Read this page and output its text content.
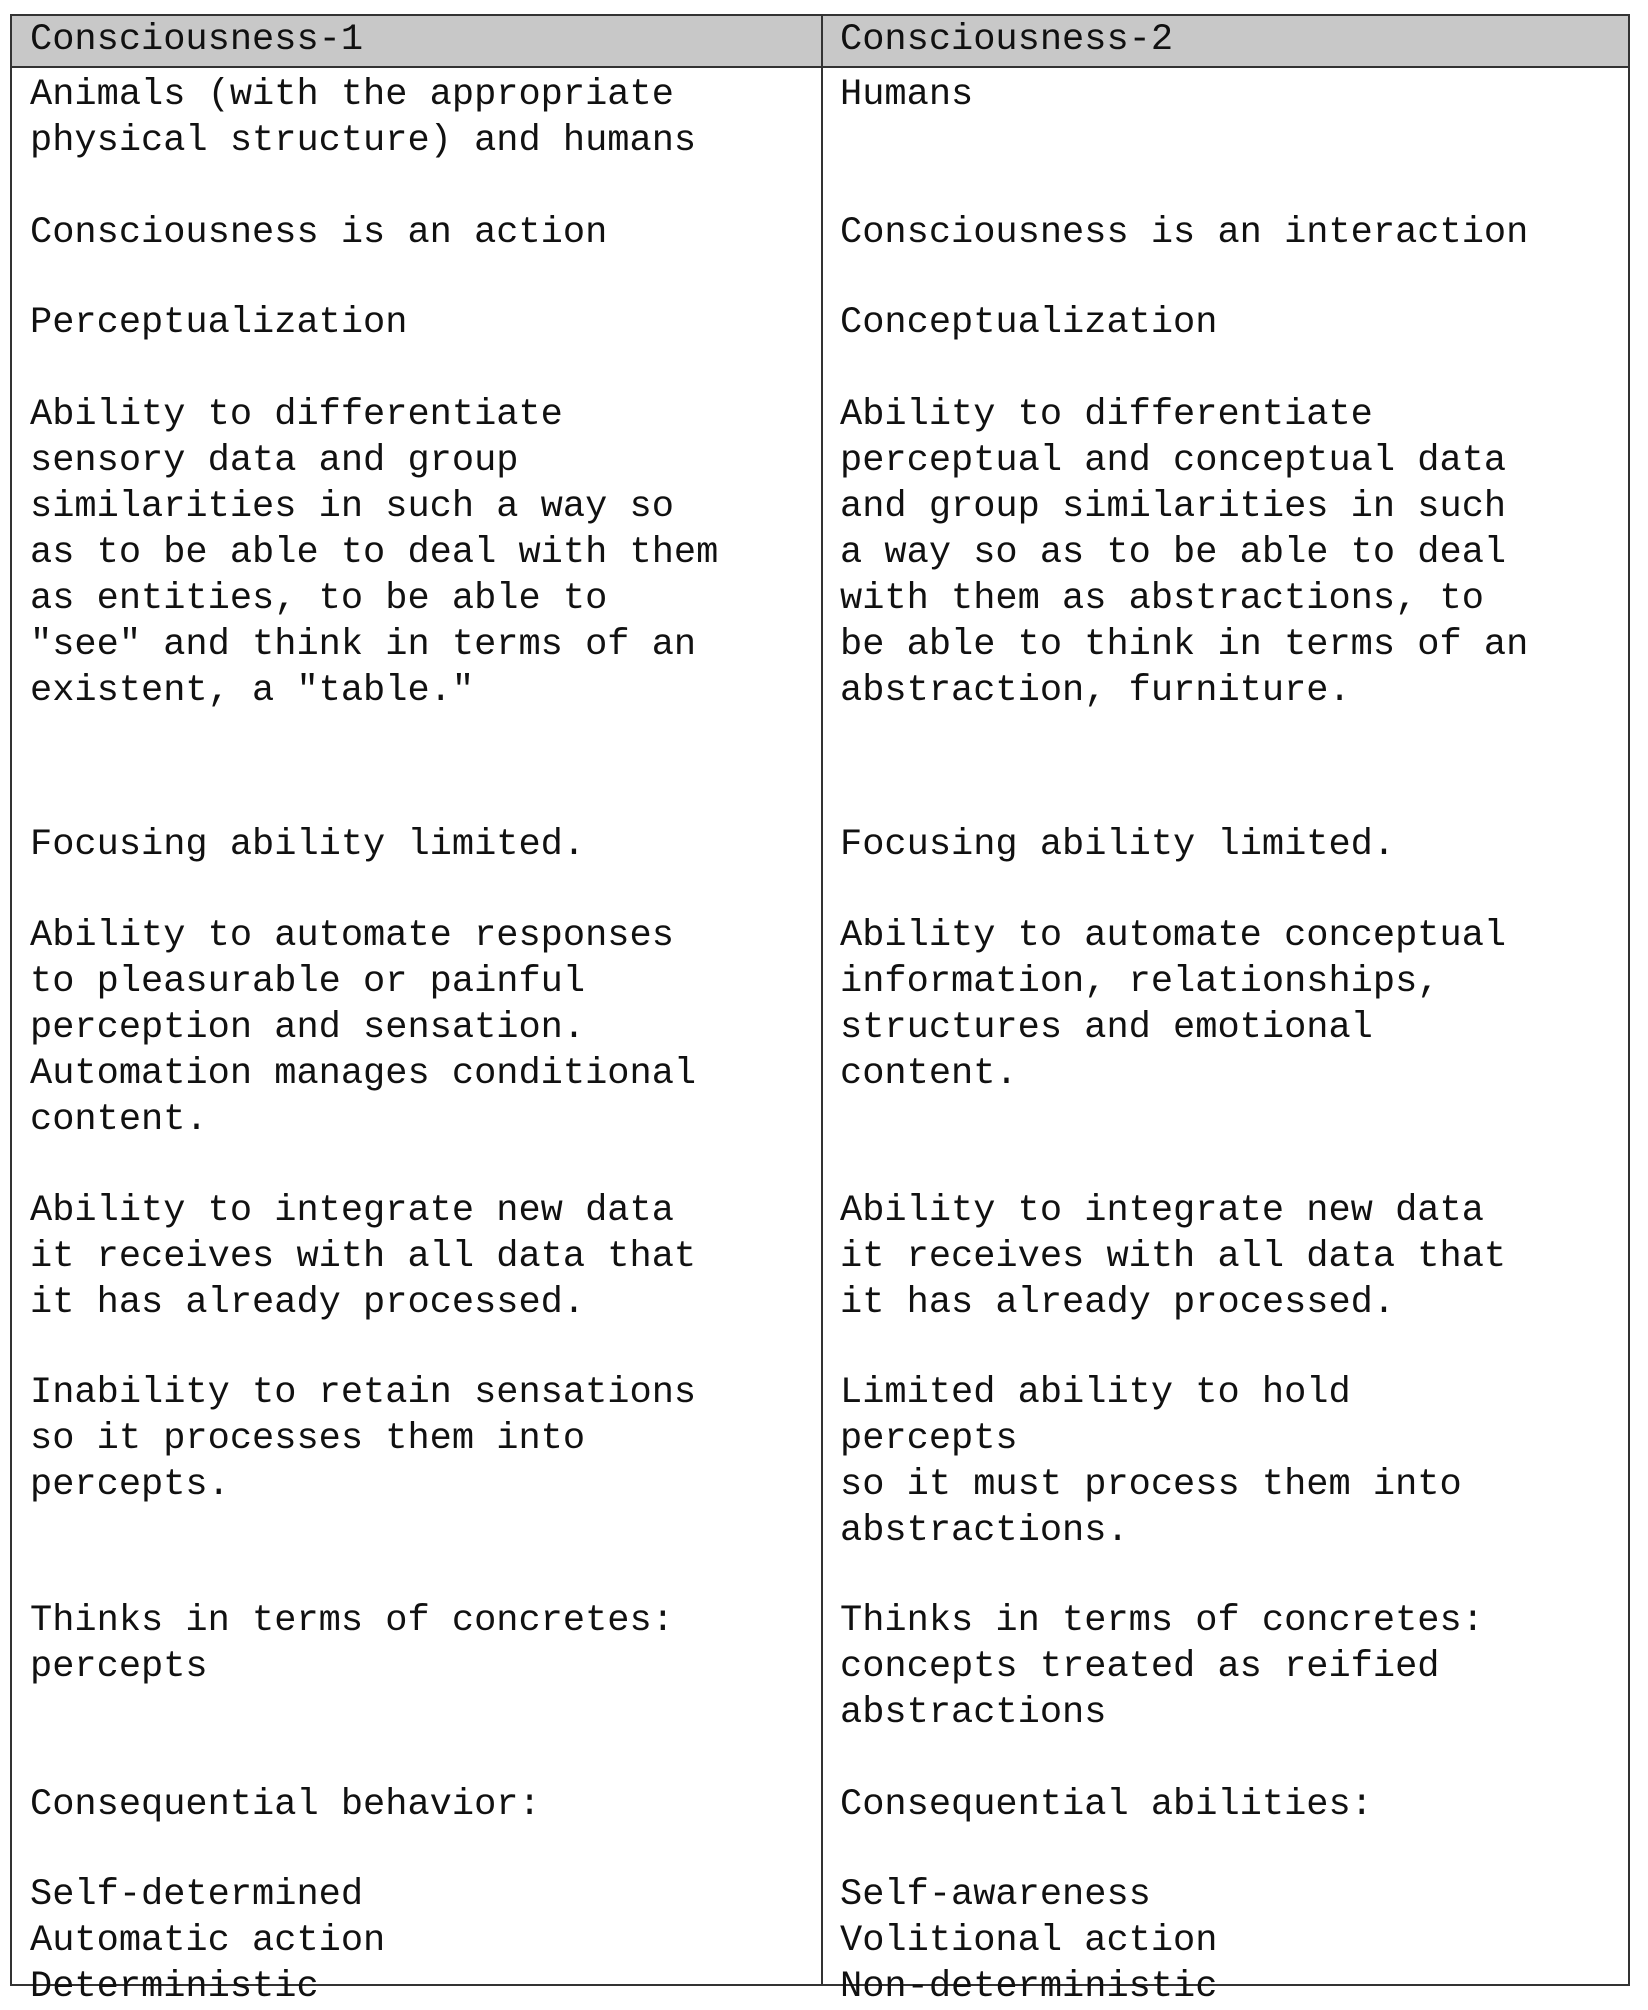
Consciousness-1	Consciousness-2

Animals (with the appropriate
physical structure) and humans

Consciousness is an action

Perceptualization

Ability to differentiate
sensory data and group
similarities in such a way so
as to be able to deal with them
as entities, to be able to
"see" and think in terms of an
existent, a "table."

Focusing ability limited.

Ability to automate responses
to pleasurable or painful
perception and sensation.
Automation manages conditional
content.

Ability to integrate new data
it receives with all data that
it has already processed.

Inability to retain sensations
so it processes them into
percepts.

Thinks in terms of concretes:
percepts

Consequential behavior:

Self-determined
Automatic action
Deterministic

Humans

Consciousness is an interaction

Conceptualization

Ability to differentiate
perceptual and conceptual data
and group similarities in such
a way so as to be able to deal
with them as abstractions, to
be able to think in terms of an
abstraction, furniture.

Focusing ability limited.

Ability to automate conceptual
information, relationships,
structures and emotional
content.

Ability to integrate new data
it receives with all data that
it has already processed.

Limited ability to hold
percepts
so it must process them into
abstractions.

Thinks in terms of concretes:
concepts treated as reified
abstractions

Consequential abilities:

Self-awareness
Volitional action
Non-deterministic
